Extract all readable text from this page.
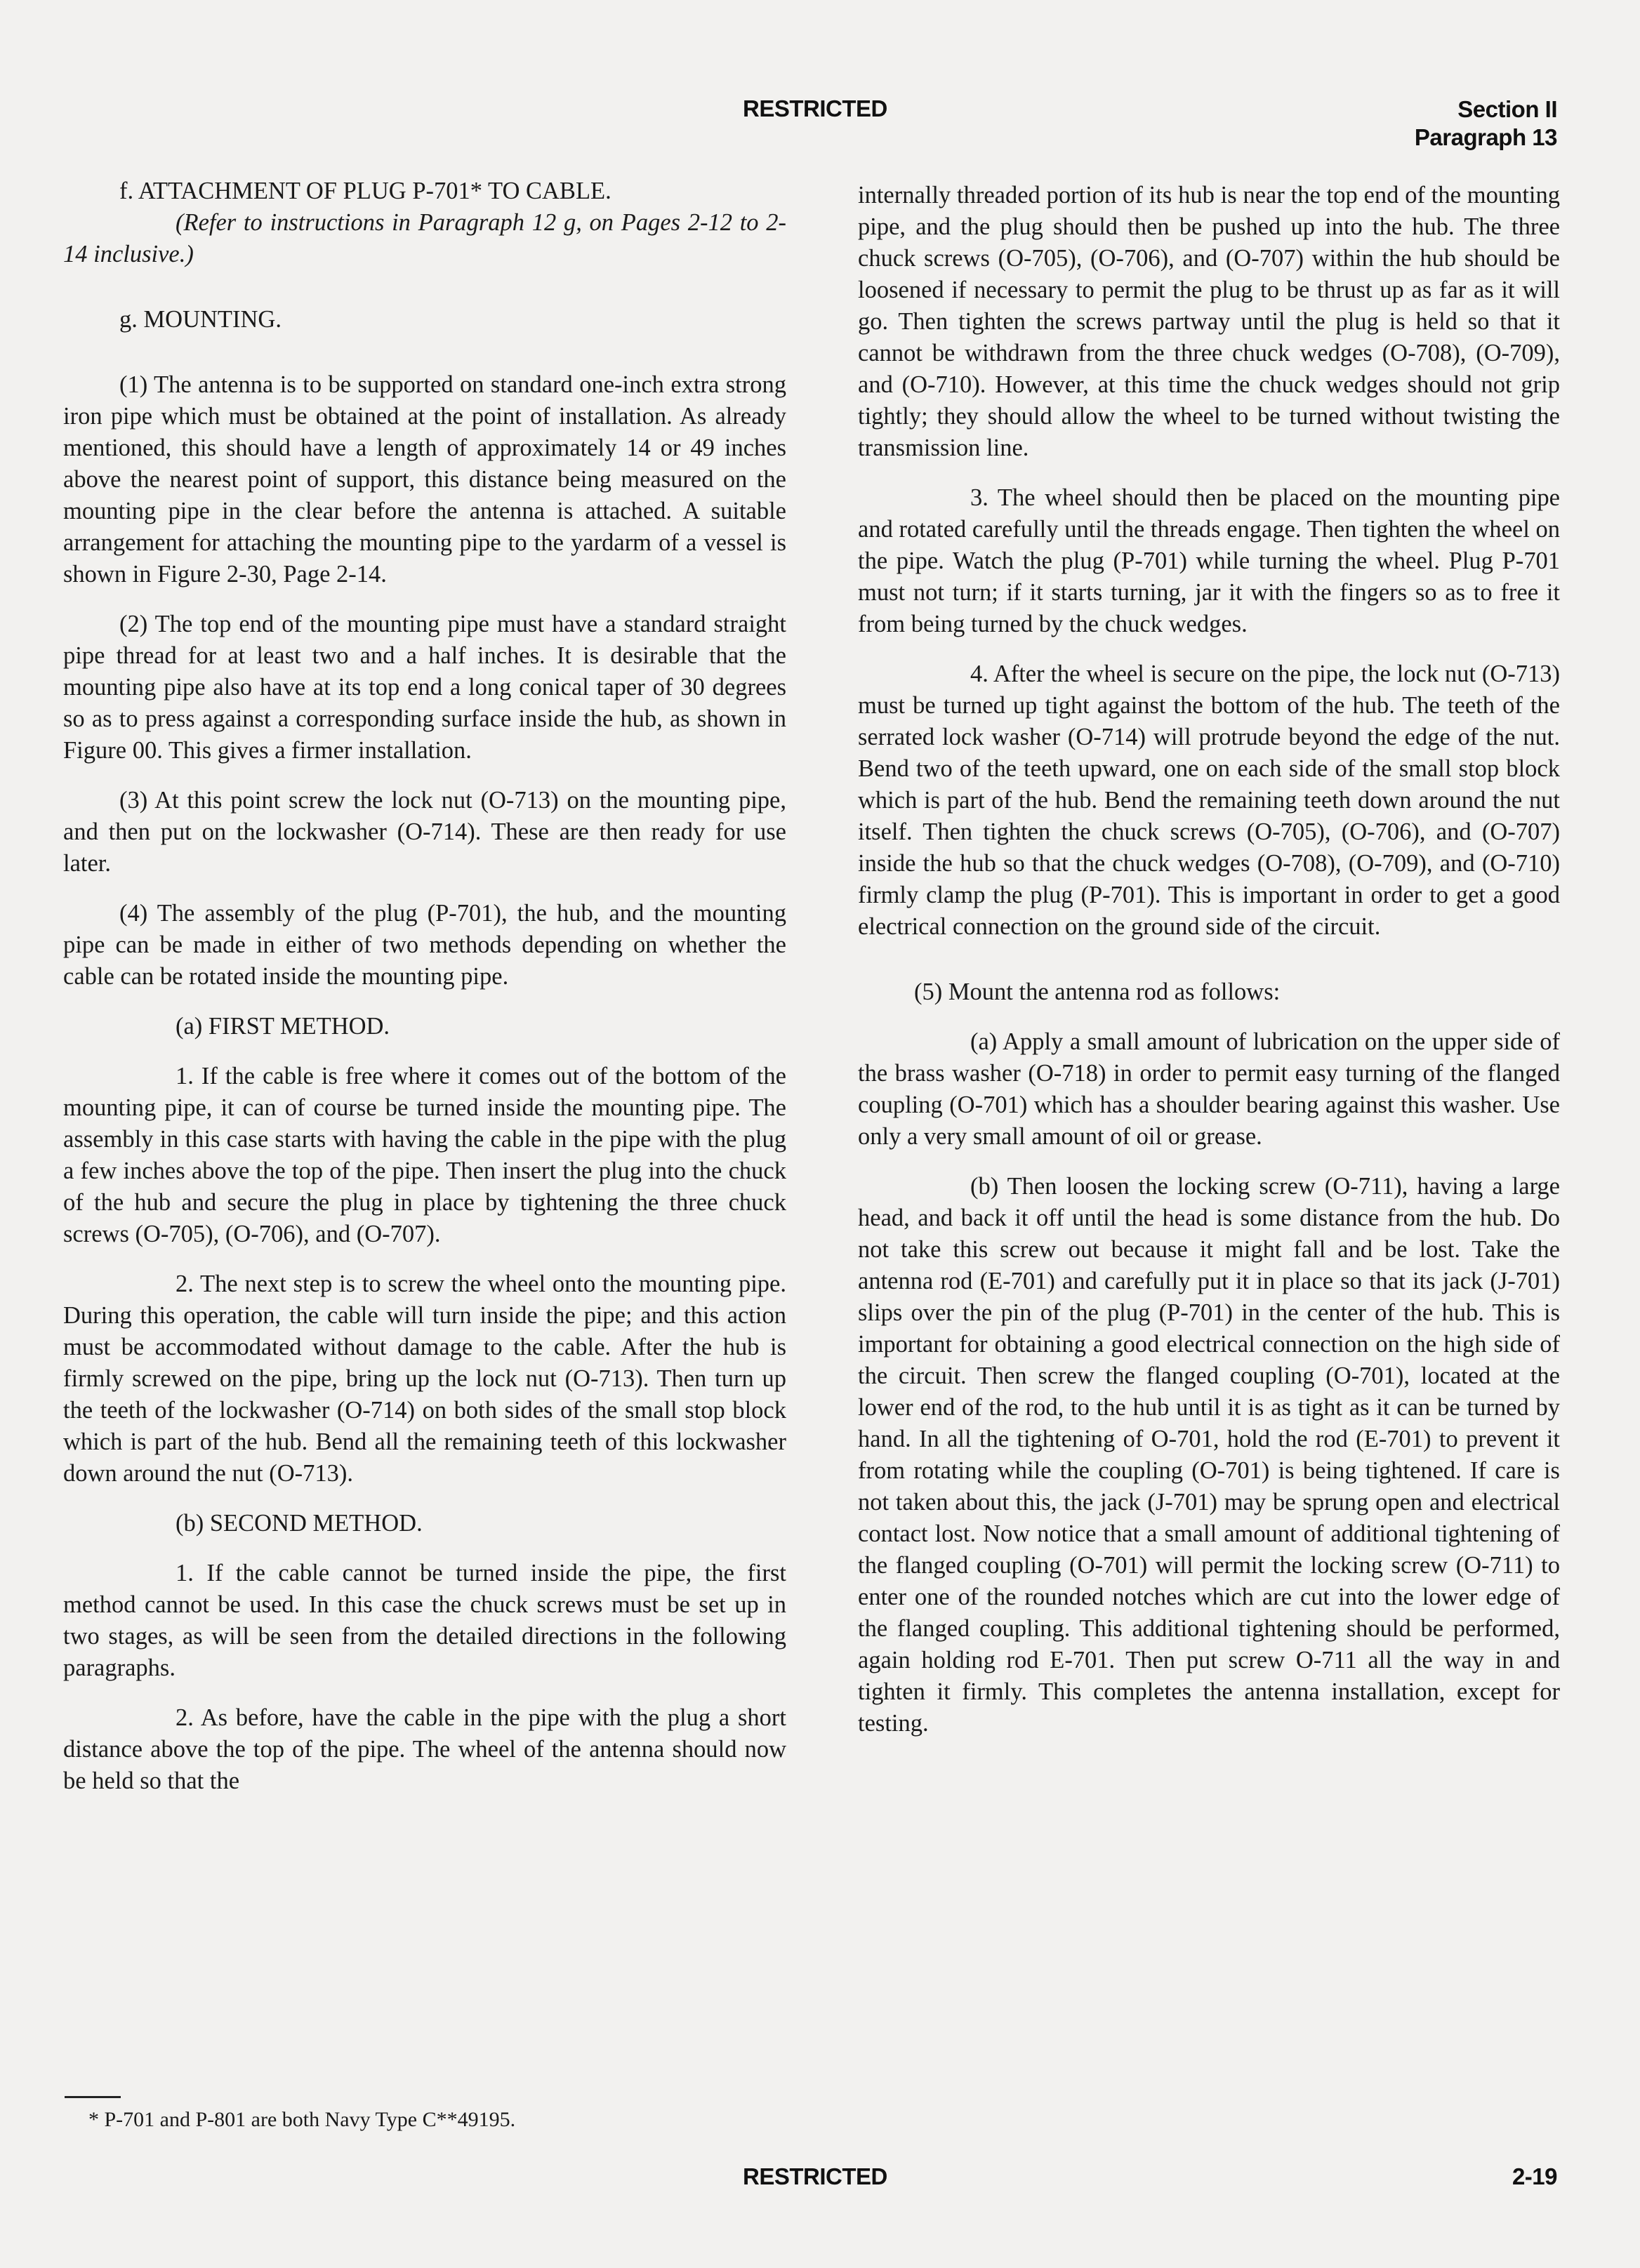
RESTRICTED	Section II
Paragraph 13

f. ATTACHMENT OF PLUG P-701* TO CABLE.

(Refer to instructions in Paragraph 12 g, on Pages 2-12 to 2-14 inclusive.)

g. MOUNTING.

(1) The antenna is to be supported on standard one-inch extra strong iron pipe which must be obtained at the point of installation. As already mentioned, this should have a length of approximately 14 or 49 inches above the nearest point of support, this distance being measured on the mounting pipe in the clear before the antenna is attached. A suitable arrangement for attaching the mounting pipe to the yardarm of a vessel is shown in Figure 2-30, Page 2-14.

(2) The top end of the mounting pipe must have a standard straight pipe thread for at least two and a half inches. It is desirable that the mounting pipe also have at its top end a long conical taper of 30 degrees so as to press against a corresponding surface inside the hub, as shown in Figure 00. This gives a firmer installation.

(3) At this point screw the lock nut (O-713) on the mounting pipe, and then put on the lockwasher (O-714). These are then ready for use later.

(4) The assembly of the plug (P-701), the hub, and the mounting pipe can be made in either of two methods depending on whether the cable can be rotated inside the mounting pipe.

(a) FIRST METHOD.

1. If the cable is free where it comes out of the bottom of the mounting pipe, it can of course be turned inside the mounting pipe. The assembly in this case starts with having the cable in the pipe with the plug a few inches above the top of the pipe. Then insert the plug into the chuck of the hub and secure the plug in place by tightening the three chuck screws (O-705), (O-706), and (O-707).

2. The next step is to screw the wheel onto the mounting pipe. During this operation, the cable will turn inside the pipe; and this action must be accommodated without damage to the cable. After the hub is firmly screwed on the pipe, bring up the lock nut (O-713). Then turn up the teeth of the lockwasher (O-714) on both sides of the small stop block which is part of the hub. Bend all the remaining teeth of this lockwasher down around the nut (O-713).

(b) SECOND METHOD.

1. If the cable cannot be turned inside the pipe, the first method cannot be used. In this case the chuck screws must be set up in two stages, as will be seen from the detailed directions in the following paragraphs.

2. As before, have the cable in the pipe with the plug a short distance above the top of the pipe. The wheel of the antenna should now be held so that the

internally threaded portion of its hub is near the top end of the mounting pipe, and the plug should then be pushed up into the hub. The three chuck screws (O-705), (O-706), and (O-707) within the hub should be loosened if necessary to permit the plug to be thrust up as far as it will go. Then tighten the screws partway until the plug is held so that it cannot be withdrawn from the three chuck wedges (O-708), (O-709), and (O-710). However, at this time the chuck wedges should not grip tightly; they should allow the wheel to be turned without twisting the transmission line.

3. The wheel should then be placed on the mounting pipe and rotated carefully until the threads engage. Then tighten the wheel on the pipe. Watch the plug (P-701) while turning the wheel. Plug P-701 must not turn; if it starts turning, jar it with the fingers so as to free it from being turned by the chuck wedges.

4. After the wheel is secure on the pipe, the lock nut (O-713) must be turned up tight against the bottom of the hub. The teeth of the serrated lock washer (O-714) will protrude beyond the edge of the nut. Bend two of the teeth upward, one on each side of the small stop block which is part of the hub. Bend the remaining teeth down around the nut itself. Then tighten the chuck screws (O-705), (O-706), and (O-707) inside the hub so that the chuck wedges (O-708), (O-709), and (O-710) firmly clamp the plug (P-701). This is important in order to get a good electrical connection on the ground side of the circuit.

(5) Mount the antenna rod as follows:

(a) Apply a small amount of lubrication on the upper side of the brass washer (O-718) in order to permit easy turning of the flanged coupling (O-701) which has a shoulder bearing against this washer. Use only a very small amount of oil or grease.

(b) Then loosen the locking screw (O-711), having a large head, and back it off until the head is some distance from the hub. Do not take this screw out because it might fall and be lost. Take the antenna rod (E-701) and carefully put it in place so that its jack (J-701) slips over the pin of the plug (P-701) in the center of the hub. This is important for obtaining a good electrical connection on the high side of the circuit. Then screw the flanged coupling (O-701), located at the lower end of the rod, to the hub until it is as tight as it can be turned by hand. In all the tightening of O-701, hold the rod (E-701) to prevent it from rotating while the coupling (O-701) is being tightened. If care is not taken about this, the jack (J-701) may be sprung open and electrical contact lost. Now notice that a small amount of additional tightening of the flanged coupling (O-701) will permit the locking screw (O-711) to enter one of the rounded notches which are cut into the lower edge of the flanged coupling. This additional tightening should be performed, again holding rod E-701. Then put screw O-711 all the way in and tighten it firmly. This completes the antenna installation, except for testing.

* P-701 and P-801 are both Navy Type C**49195.
RESTRICTED	2-19
